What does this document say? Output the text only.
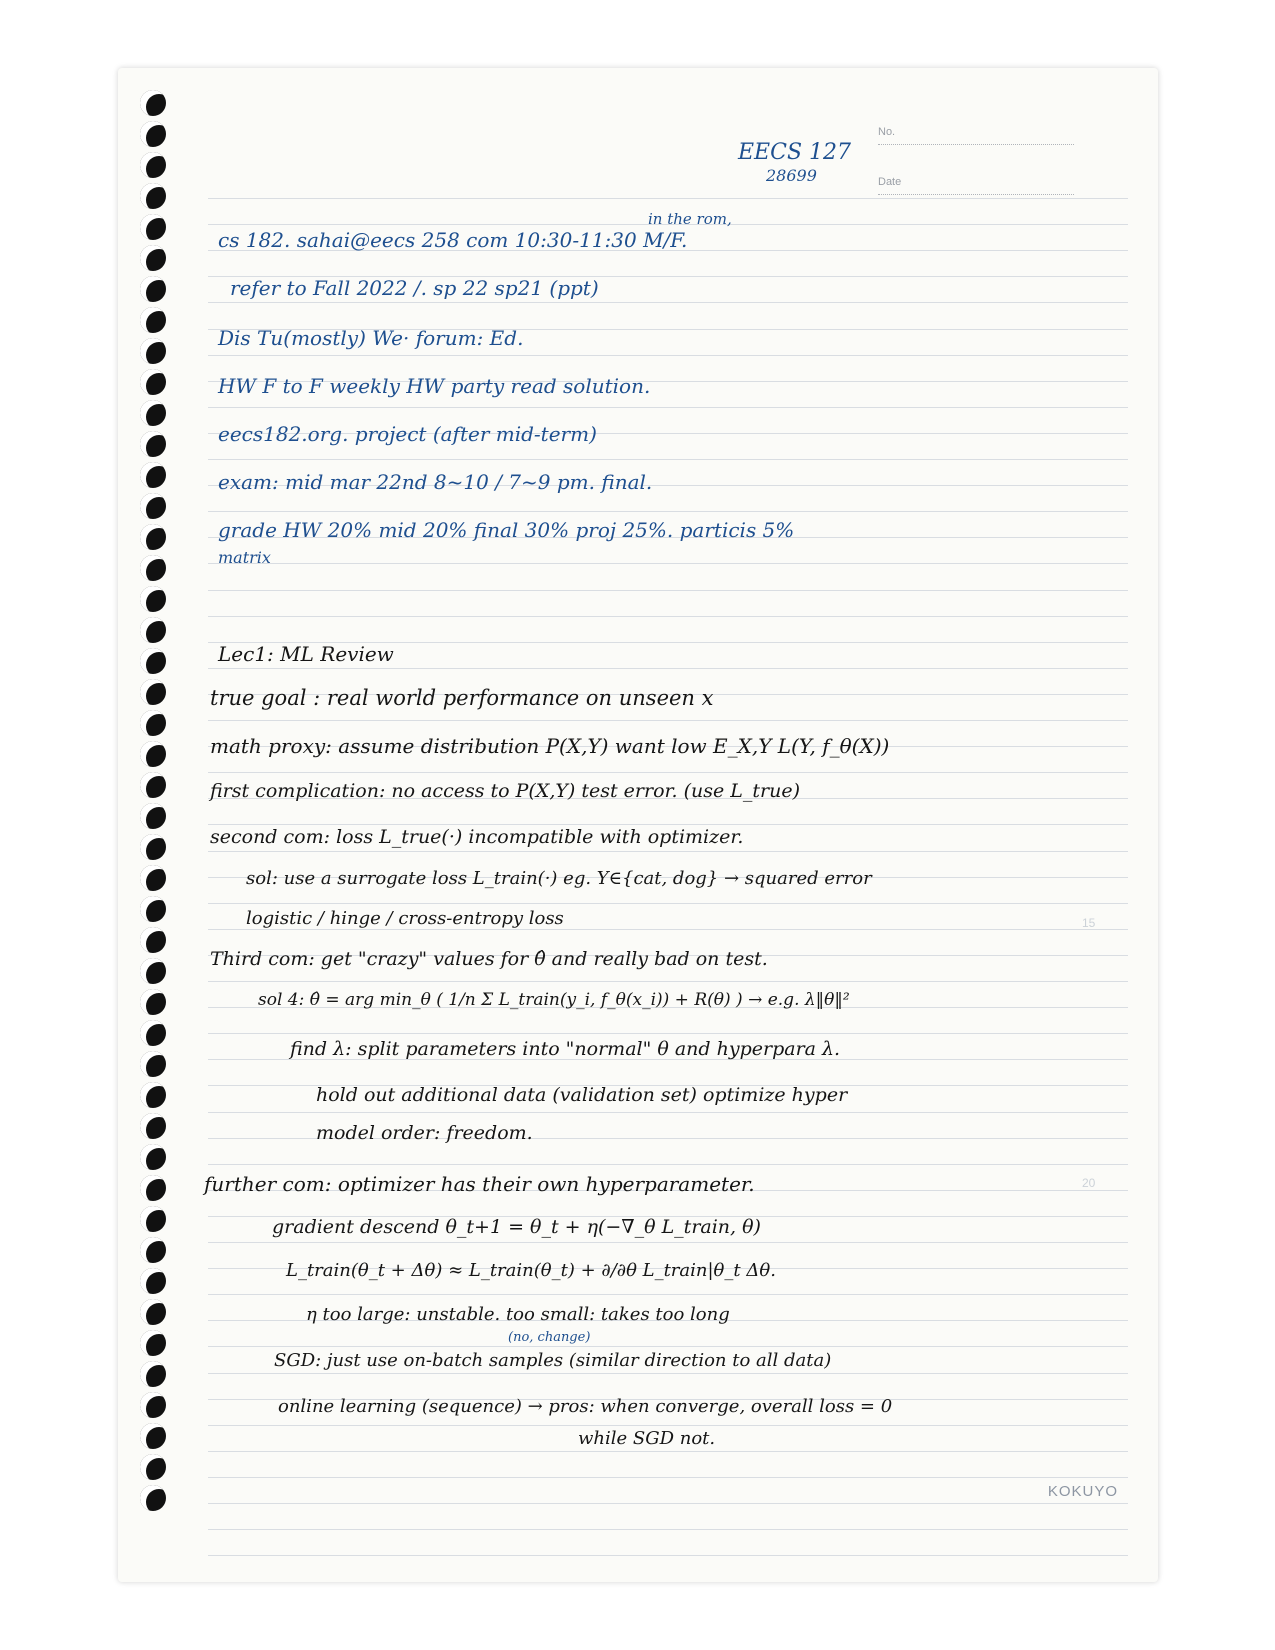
No.
Date
EECS 127
28699
in the rom,
cs 182. sahai@eecs 258 com 10:30-11:30 M/F.
refer to Fall 2022 /. sp 22 sp21 (ppt)
Dis Tu(mostly) We· forum: Ed.
HW F to F weekly HW party read solution.
eecs182.org. project (after mid-term)
exam: mid mar 22nd 8~10 / 7~9 pm. final.
grade HW 20% mid 20% final 30% proj 25%. particis 5%
matrix
Lec1: ML Review
true goal : real world performance on unseen x
math proxy: assume distribution P(X,Y) want low E_X,Y L(Y, f_θ(X))
first complication: no access to P(X,Y) test error. (use L_true)
second com: loss L_true(·) incompatible with optimizer.
sol: use a surrogate loss L_train(·) eg. Y∈{cat, dog} → squared error
logistic / hinge / cross-entropy loss
Third com: get "crazy" values for θ̂ and really bad on test.
sol 4: θ̂ = arg min_θ ( 1/n Σ L_train(y_i, f_θ(x_i)) + R(θ) ) → e.g. λ‖θ‖²
find λ: split parameters into "normal" θ and hyperpara λ.
hold out additional data (validation set) optimize hyper
model order: freedom.
further com: optimizer has their own hyperparameter.
gradient descend θ_t+1 = θ_t + η(−∇_θ L_train, θ)
L_train(θ_t + Δθ) ≈ L_train(θ_t) + ∂/∂θ L_train|θ_t Δθ.
η too large: unstable. too small: takes too long
(no, change)
SGD: just use on-batch samples (similar direction to all data)
online learning (sequence) → pros: when converge, overall loss = 0
while SGD not.
15
20
KOKUYO
